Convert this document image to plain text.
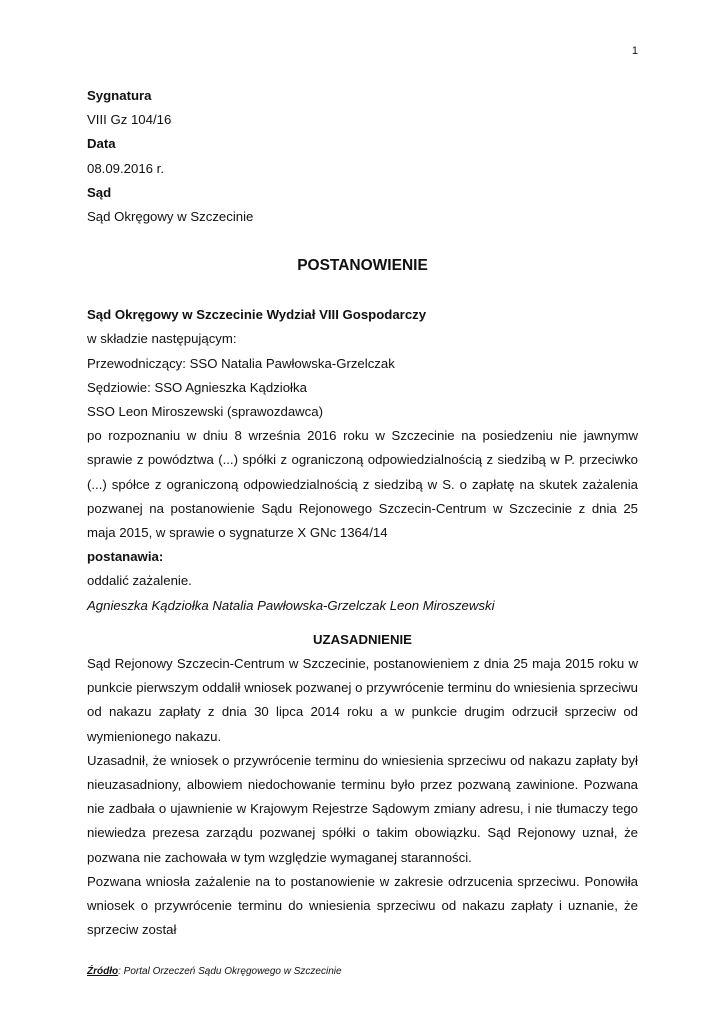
1

Sygnatura

VIII Gz 104/16

Data

08.09.2016 r.

Sąd

Sąd Okręgowy w Szczecinie

POSTANOWIENIE

Sąd Okręgowy w Szczecinie Wydział VIII Gospodarczy

w składzie następującym:

Przewodniczący: SSO Natalia Pawłowska-Grzelczak

Sędziowie: SSO Agnieszka Kądziołka

SSO Leon Miroszewski (sprawozdawca)

po rozpoznaniu w dniu 8 września 2016 roku w Szczecinie na posiedzeniu nie jawnymw sprawie z powództwa (...) spółki z ograniczoną odpowiedzialnością z siedzibą w P. przeciwko (...) spółce z ograniczoną odpowiedzialnością z siedzibą w S. o zapłatę na skutek zażalenia pozwanej na postanowienie Sądu Rejonowego Szczecin-Centrum w Szczecinie z dnia 25 maja 2015, w sprawie o sygnaturze X GNc 1364/14

postanawia:

oddalić zażalenie.

Agnieszka Kądziołka Natalia Pawłowska-Grzelczak Leon Miroszewski

UZASADNIENIE

Sąd Rejonowy Szczecin-Centrum w Szczecinie, postanowieniem z dnia 25 maja 2015 roku w punkcie pierwszym oddalił wniosek pozwanej o przywrócenie terminu do wniesienia sprzeciwu od nakazu zapłaty z dnia 30 lipca 2014 roku a w punkcie drugim odrzucił sprzeciw od wymienionego nakazu.

Uzasadnił, że wniosek o przywrócenie terminu do wniesienia sprzeciwu od nakazu zapłaty był nieuzasadniony, albowiem niedochowanie terminu było przez pozwaną zawinione. Pozwana nie zadbała o ujawnienie w Krajowym Rejestrze Sądowym zmiany adresu, i nie tłumaczy tego niewiedza prezesa zarządu pozwanej spółki o takim obowiązku. Sąd Rejonowy uznał, że pozwana nie zachowała w tym względzie wymaganej staranności.

Pozwana wniosła zażalenie na to postanowienie w zakresie odrzucenia sprzeciwu. Ponowiła wniosek o przywrócenie terminu do wniesienia sprzeciwu od nakazu zapłaty i uznanie, że sprzeciw został

Źródło: Portal Orzeczeń Sądu Okręgowego w Szczecinie
